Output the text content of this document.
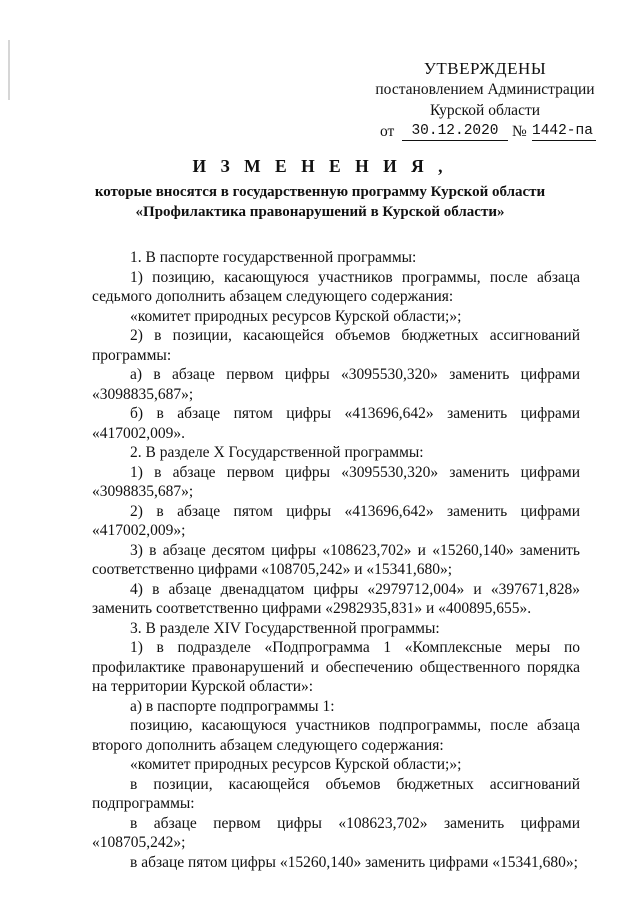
УТВЕРЖДЕНЫ
постановлением Администрации
Курской области
от	30.12.2020 № 1442-па
И З М Е Н Е Н И Я ,
которые вносятся в государственную программу Курской области
«Профилактика правонарушений в Курской области»

1. В паспорте государственной программы:

1) позицию, касающуюся участников программы, после абзаца седьмого дополнить абзацем следующего содержания:

«комитет природных ресурсов Курской области;»;

2) в позиции, касающейся объемов бюджетных ассигнований программы:

а) в абзаце первом цифры «3095530,320» заменить цифрами «3098835,687»;

б) в абзаце пятом цифры «413696,642» заменить цифрами «417002,009».

2. В разделе X Государственной программы:

1) в абзаце первом цифры «3095530,320» заменить цифрами «3098835,687»;

2) в абзаце пятом цифры «413696,642» заменить цифрами «417002,009»;

3) в абзаце десятом цифры «108623,702» и «15260,140» заменить соответственно цифрами «108705,242» и «15341,680»;

4) в абзаце двенадцатом цифры «2979712,004» и «397671,828» заменить соответственно цифрами «2982935,831» и «400895,655».

3. В разделе XIV Государственной программы:

1) в подразделе «Подпрограмма 1 «Комплексные меры по профилактике правонарушений и обеспечению общественного порядка на территории Курской области»:

а) в паспорте подпрограммы 1:

позицию, касающуюся участников подпрограммы, после абзаца второго дополнить абзацем следующего содержания:

«комитет природных ресурсов Курской области;»;

в позиции, касающейся объемов бюджетных ассигнований подпрограммы:

в абзаце первом цифры «108623,702» заменить цифрами «108705,242»;

в абзаце пятом цифры «15260,140» заменить цифрами «15341,680»;
